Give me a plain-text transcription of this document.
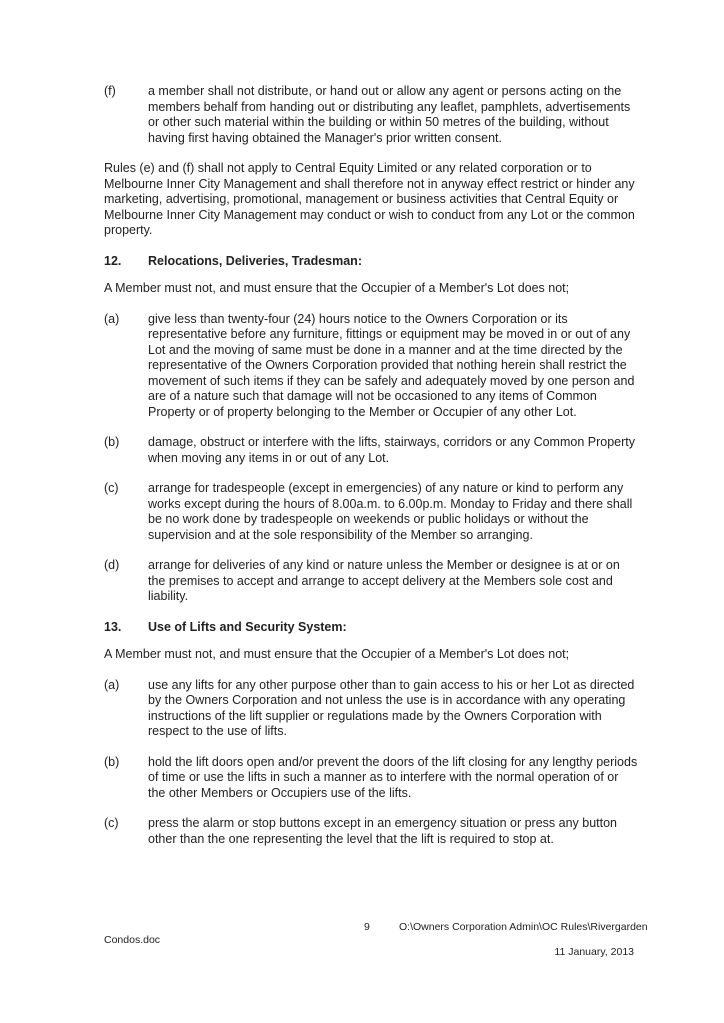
(f)	a member shall not distribute, or hand out or allow any agent or persons acting on the members behalf from handing out or distributing any leaflet, pamphlets, advertisements or other such material within the building or within 50 metres of the building, without having first having obtained the Manager's prior written consent.
Rules (e) and (f) shall not apply to Central Equity Limited or any related corporation or to Melbourne Inner City Management and shall therefore not in anyway effect restrict or hinder any marketing, advertising, promotional, management or business activities that Central Equity or Melbourne Inner City Management may conduct or wish to conduct from any Lot or the common property.
12.	Relocations, Deliveries, Tradesman:
A Member must not, and must ensure that the Occupier of a Member's Lot does not;
(a)	give less than twenty-four (24) hours notice to the Owners Corporation or its representative before any furniture, fittings or equipment may be moved in or out of any Lot and the moving of same must be done in a manner and at the time directed by the representative of the Owners Corporation provided that nothing herein shall restrict the movement of such items if they can be safely and adequately moved by one person and are of a nature such that damage will not be occasioned to any items of Common Property or of property belonging to the Member or Occupier of any other Lot.
(b)	damage, obstruct or interfere with the lifts, stairways, corridors or any Common Property when moving any items in or out of any Lot.
(c)	arrange for tradespeople (except in emergencies) of any nature or kind to perform any works except during the hours of 8.00a.m. to 6.00p.m. Monday to Friday and there shall be no work done by tradespeople on weekends or public holidays or without the supervision and at the sole responsibility of the Member so arranging.
(d)	arrange for deliveries of any kind or nature unless the Member or designee is at or on the premises to accept and arrange to accept delivery at the Members sole cost and liability.
13.	Use of Lifts and Security System:
A Member must not, and must ensure that the Occupier of a Member's Lot does not;
(a)	use any lifts for any other purpose other than to gain access to his or her Lot as directed by the Owners Corporation and not unless the use is in accordance with any operating instructions of the lift supplier or regulations made by the Owners Corporation with respect to the use of lifts.
(b)	hold the lift doors open and/or prevent the doors of the lift closing for any lengthy periods of time or use the lifts in such a manner as to interfere with the normal operation of or the other Members or Occupiers use of the lifts.
(c)	press the alarm or stop buttons except in an emergency situation or press any button other than the one representing the level that the lift is required to stop at.
9	O:\Owners Corporation Admin\OC Rules\Rivergarden
Condos.doc
11 January, 2013
